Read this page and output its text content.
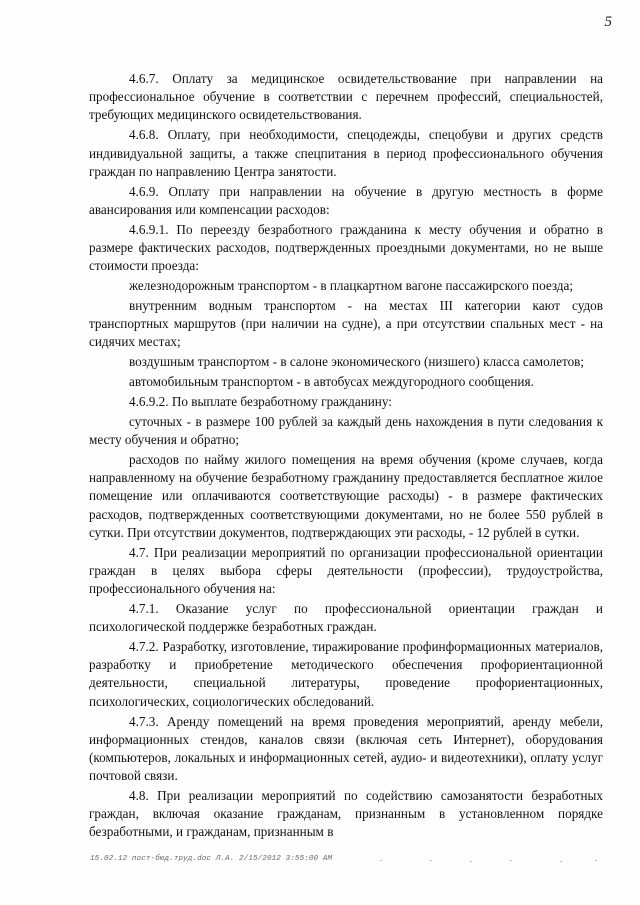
5

4.6.7. Оплату за медицинское освидетельствование при направлении на профессиональное обучение в соответствии с перечнем профессий, специальностей, требующих медицинского освидетельствования.

4.6.8. Оплату, при необходимости, спецодежды, спецобуви и других средств индивидуальной защиты, а также спецпитания в период профессионального обучения граждан по направлению Центра занятости.

4.6.9. Оплату при направлении на обучение в другую местность в форме авансирования или компенсации расходов:

4.6.9.1. По переезду безработного гражданина к месту обучения и обратно в размере фактических расходов, подтвержденных проездными документами, но не выше стоимости проезда:

железнодорожным транспортом - в плацкартном вагоне пассажирского поезда;

внутренним водным транспортом - на местах III категории кают судов транспортных маршрутов (при наличии на судне), а при отсутствии спальных мест - на сидячих местах;

воздушным транспортом - в салоне экономического (низшего) класса самолетов;

автомобильным транспортом - в автобусах междугородного сообщения.

4.6.9.2. По выплате безработному гражданину:

суточных - в размере 100 рублей за каждый день нахождения в пути следования к месту обучения и обратно;

расходов по найму жилого помещения на время обучения (кроме случаев, когда направленному на обучение безработному гражданину предоставляется бесплатное жилое помещение или оплачиваются соответствующие расходы) - в размере фактических расходов, подтвержденных соответствующими документами, но не более 550 рублей в сутки. При отсутствии документов, подтверждающих эти расходы, - 12 рублей в сутки.

4.7. При реализации мероприятий по организации профессиональной ориентации граждан в целях выбора сферы деятельности (профессии), трудоустройства, профессионального обучения на:

4.7.1. Оказание услуг по профессиональной ориентации граждан и психологической поддержке безработных граждан.

4.7.2. Разработку, изготовление, тиражирование профинформационных материалов, разработку и приобретение методического обеспечения профориентационной деятельности, специальной литературы, проведение профориентационных, психологических, социологических обследований.

4.7.3. Аренду помещений на время проведения мероприятий, аренду мебели, информационных стендов, каналов связи (включая сеть Интернет), оборудования (компьютеров, локальных и информационных сетей, аудио- и видеотехники), оплату услуг почтовой связи.

4.8. При реализации мероприятий по содействию самозанятости безработных граждан, включая оказание гражданам, признанным в установленном порядке безработными, и гражданам, признанным в

15.02.12 пост-бюд.труд.doc Л.А. 2/15/2012 3:55:00 AM
